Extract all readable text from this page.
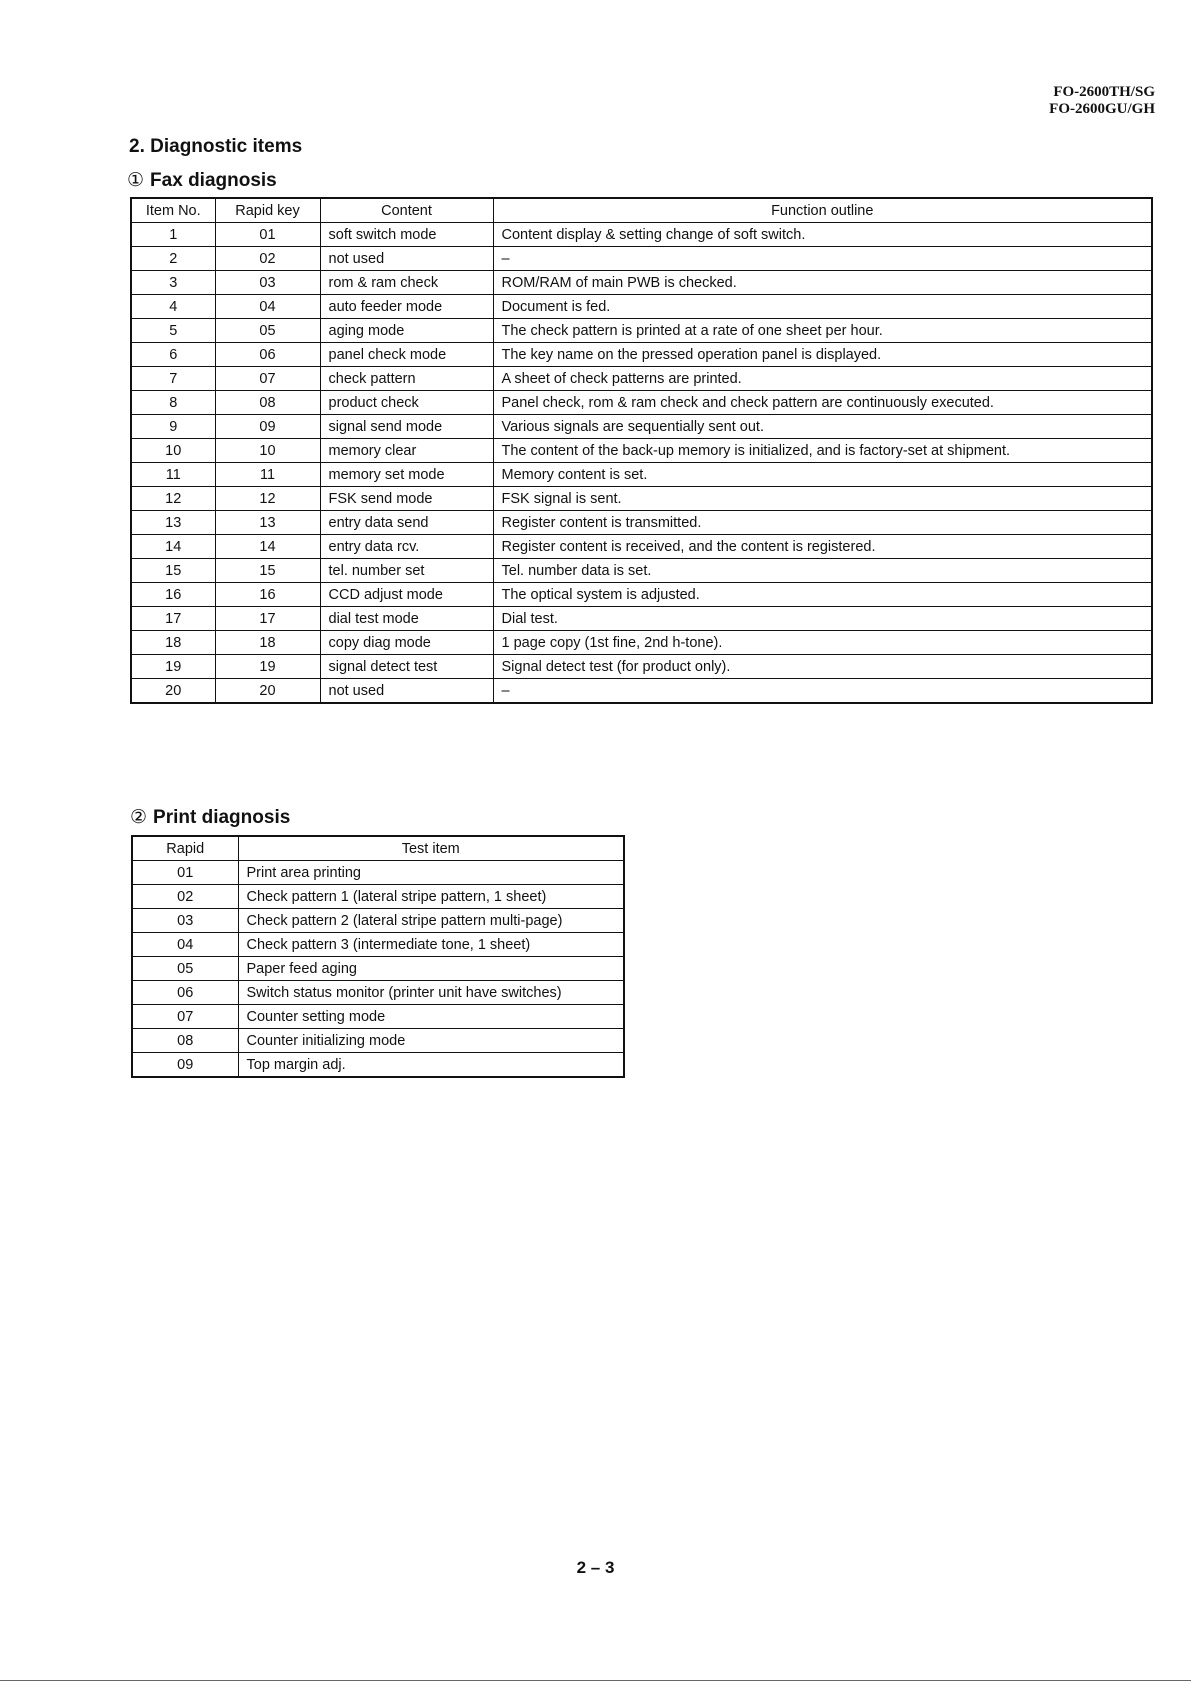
FO-2600TH/SG
FO-2600GU/GH
2. Diagnostic items
① Fax diagnosis
Item No.	Rapid key	Content	Function outline
1	01	soft switch mode	Content display & setting change of soft switch.
2	02	not used	–
3	03	rom & ram check	ROM/RAM of main PWB is checked.
4	04	auto feeder mode	Document is fed.
5	05	aging mode	The check pattern is printed at a rate of one sheet per hour.
6	06	panel check mode	The key name on the pressed operation panel is displayed.
7	07	check pattern	A sheet of check patterns are printed.
8	08	product check	Panel check, rom & ram check and check pattern are continuously executed.
9	09	signal send mode	Various signals are sequentially sent out.
10	10	memory clear	The content of the back-up memory is initialized, and is factory-set at shipment.
11	11	memory set mode	Memory content is set.
12	12	FSK send mode	FSK signal is sent.
13	13	entry data send	Register content is transmitted.
14	14	entry data rcv.	Register content is received, and the content is registered.
15	15	tel. number set	Tel. number data is set.
16	16	CCD adjust mode	The optical system is adjusted.
17	17	dial test mode	Dial test.
18	18	copy diag mode	1 page copy (1st fine, 2nd h-tone).
19	19	signal detect test	Signal detect test (for product only).
20	20	not used	–
② Print diagnosis
Rapid	Test item
01	Print area printing
02	Check pattern 1 (lateral stripe pattern, 1 sheet)
03	Check pattern 2 (lateral stripe pattern multi-page)
04	Check pattern 3 (intermediate tone, 1 sheet)
05	Paper feed aging
06	Switch status monitor (printer unit have switches)
07	Counter setting mode
08	Counter initializing mode
09	Top margin adj.
2 – 3
